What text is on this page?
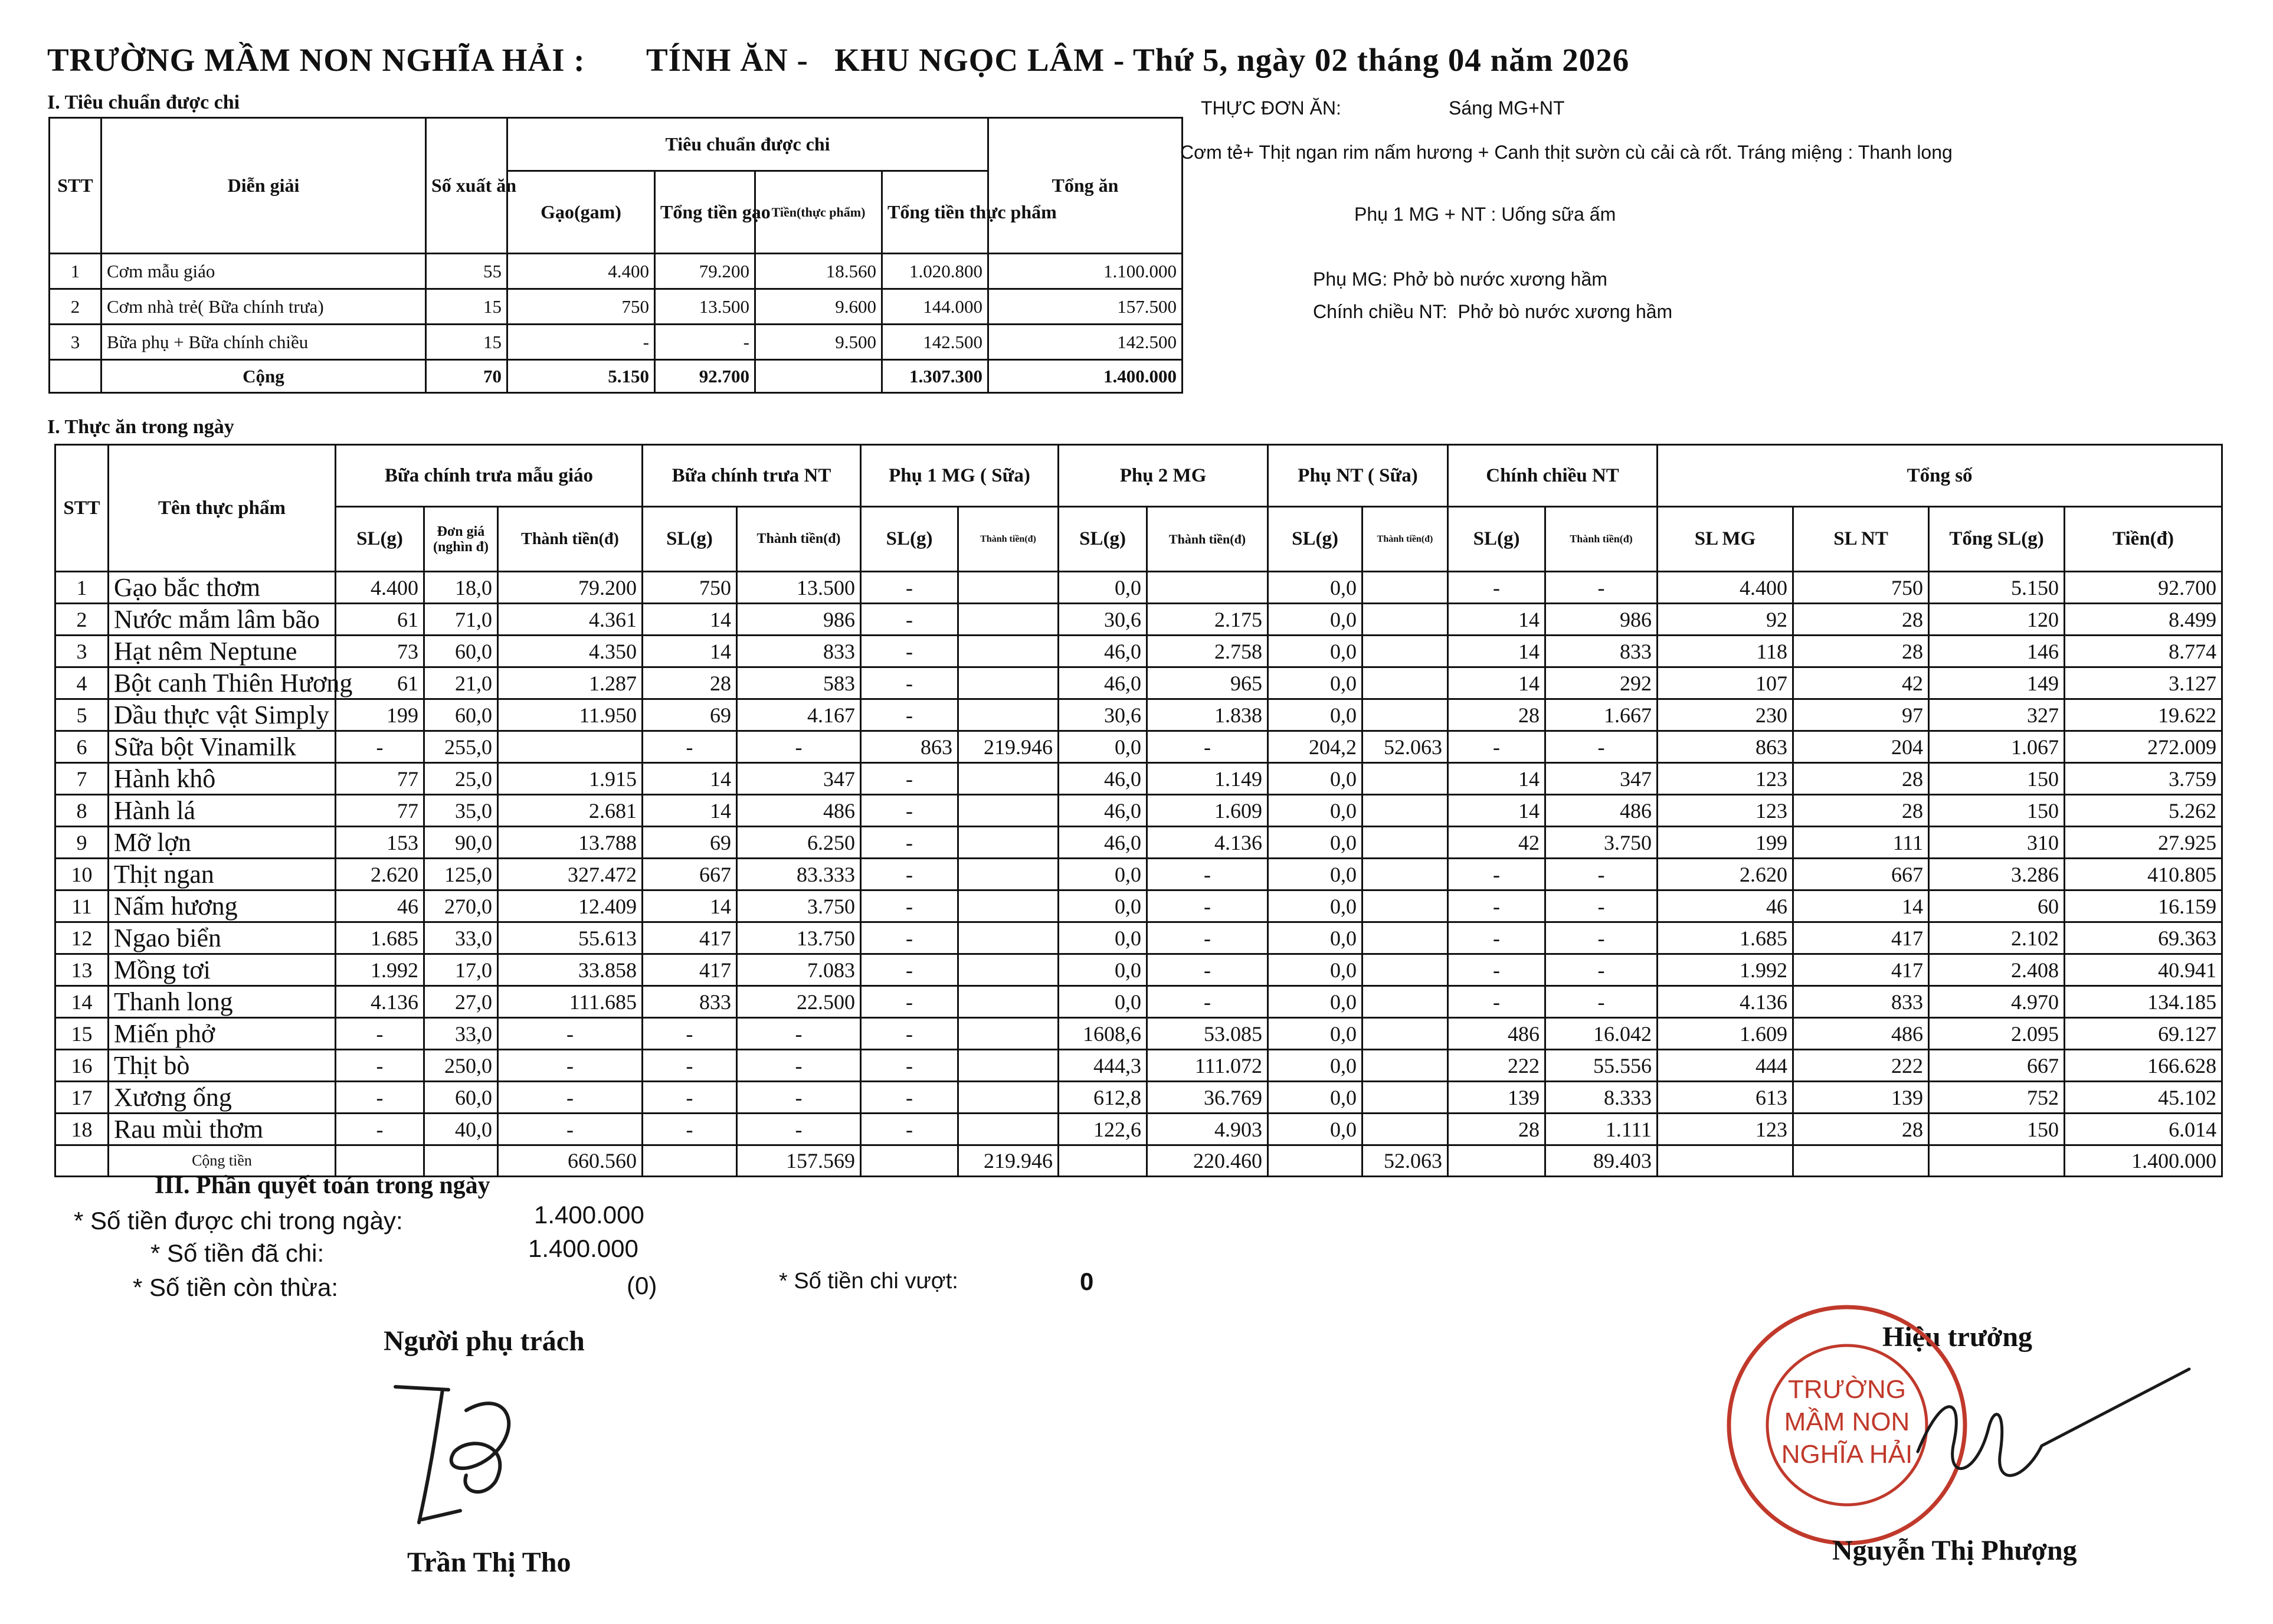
TRƯỜNG MẦM NON NGHĨA HẢI : TÍNH ĂN -   KHU NGỌC LÂM - Thứ 5, ngày 02 tháng 04 năm 2026
I. Tiêu chuẩn được chi
STT	Diễn giải	Số xuất ăn	Tiêu chuẩn được chi				Tổng ăn
			Gạo(gam)	Tổng tiền gạo	Tiền(thực phẩm)	Tổng tiền thực phẩm	
1	Cơm mẫu giáo	55	4.400	79.200	18.560	1.020.800	1.100.000
2	Cơm nhà trẻ( Bữa chính trưa)	15	750	13.500	9.600	144.000	157.500
3	Bữa phụ + Bữa chính chiều	15	-	-	9.500	142.500	142.500
	Cộng	70	5.150	92.700		1.307.300	1.400.000
THỰC ĐƠN ĂN:	Sáng MG+NT
Cơm tẻ+ Thịt ngan rim nấm hương + Canh thịt sườn cù cải cà rốt. Tráng miệng : Thanh long
Phụ 1 MG + NT : Uống sữa ấm
Phụ MG: Phở bò nước xương hầm
Chính chiều NT:  Phở bò nước xương hầm
I. Thực ăn trong ngày
STT	Tên thực phẩm	Bữa chính trưa mẫu giáo			Bữa chính trưa NT		Phụ 1 MG ( Sữa)		Phụ 2 MG		Phụ NT ( Sữa)		Chính chiều NT		Tổng số			
		SL(g)	Đơn giá (nghìn đ)	Thành tiền(đ)	SL(g)	Thành tiền(đ)	SL(g)	Thành tiền(đ)	SL(g)	Thành tiền(đ)	SL(g)	Thành tiền(đ)	SL(g)	Thành tiền(đ)	SL MG	SL NT	Tổng SL(g)	Tiền(đ)
1	Gạo bắc thơm	4.400	18,0	79.200	750	13.500	-		0,0		0,0		-	-	4.400	750	5.150	92.700
2	Nước mắm lâm bão	61	71,0	4.361	14	986	-		30,6	2.175	0,0		14	986	92	28	120	8.499
3	Hạt nêm Neptune	73	60,0	4.350	14	833	-		46,0	2.758	0,0		14	833	118	28	146	8.774
4	Bột canh Thiên Hương	61	21,0	1.287	28	583	-		46,0	965	0,0		14	292	107	42	149	3.127
5	Dầu thực vật Simply	199	60,0	11.950	69	4.167	-		30,6	1.838	0,0		28	1.667	230	97	327	19.622
6	Sữa bột Vinamilk	-	255,0		-	-	863	219.946	0,0	-	204,2	52.063	-	-	863	204	1.067	272.009
7	Hành khô	77	25,0	1.915	14	347	-		46,0	1.149	0,0		14	347	123	28	150	3.759
8	Hành lá	77	35,0	2.681	14	486	-		46,0	1.609	0,0		14	486	123	28	150	5.262
9	Mỡ lợn	153	90,0	13.788	69	6.250	-		46,0	4.136	0,0		42	3.750	199	111	310	27.925
10	Thịt ngan	2.620	125,0	327.472	667	83.333	-		0,0	-	0,0		-	-	2.620	667	3.286	410.805
11	Nấm hương	46	270,0	12.409	14	3.750	-		0,0	-	0,0		-	-	46	14	60	16.159
12	Ngao biển	1.685	33,0	55.613	417	13.750	-		0,0	-	0,0		-	-	1.685	417	2.102	69.363
13	Mồng tơi	1.992	17,0	33.858	417	7.083	-		0,0	-	0,0		-	-	1.992	417	2.408	40.941
14	Thanh long	4.136	27,0	111.685	833	22.500	-		0,0	-	0,0		-	-	4.136	833	4.970	134.185
15	Miến phở	-	33,0	-	-	-	-		1608,6	53.085	0,0		486	16.042	1.609	486	2.095	69.127
16	Thịt bò	-	250,0	-	-	-	-		444,3	111.072	0,0		222	55.556	444	222	667	166.628
17	Xương ống	-	60,0	-	-	-	-		612,8	36.769	0,0		139	8.333	613	139	752	45.102
18	Rau mùi thơm	-	40,0	-	-	-	-		122,6	4.903	0,0		28	1.111	123	28	150	6.014
	Cộng tiền			660.560		157.569		219.946		220.460		52.063		89.403				1.400.000
III. Phần quyết toán trong ngày
* Số tiền được chi trong ngày:	1.400.000
* Số tiền đã chi:	1.400.000
* Số tiền còn thừa:	(0)	* Số tiền chi vượt:	0
Người phụ trách
Trần Thị Tho
Hiệu trưởng
TRƯỜNG
MẦM NON
NGHĨA HẢI
Nguyễn Thị Phượng
